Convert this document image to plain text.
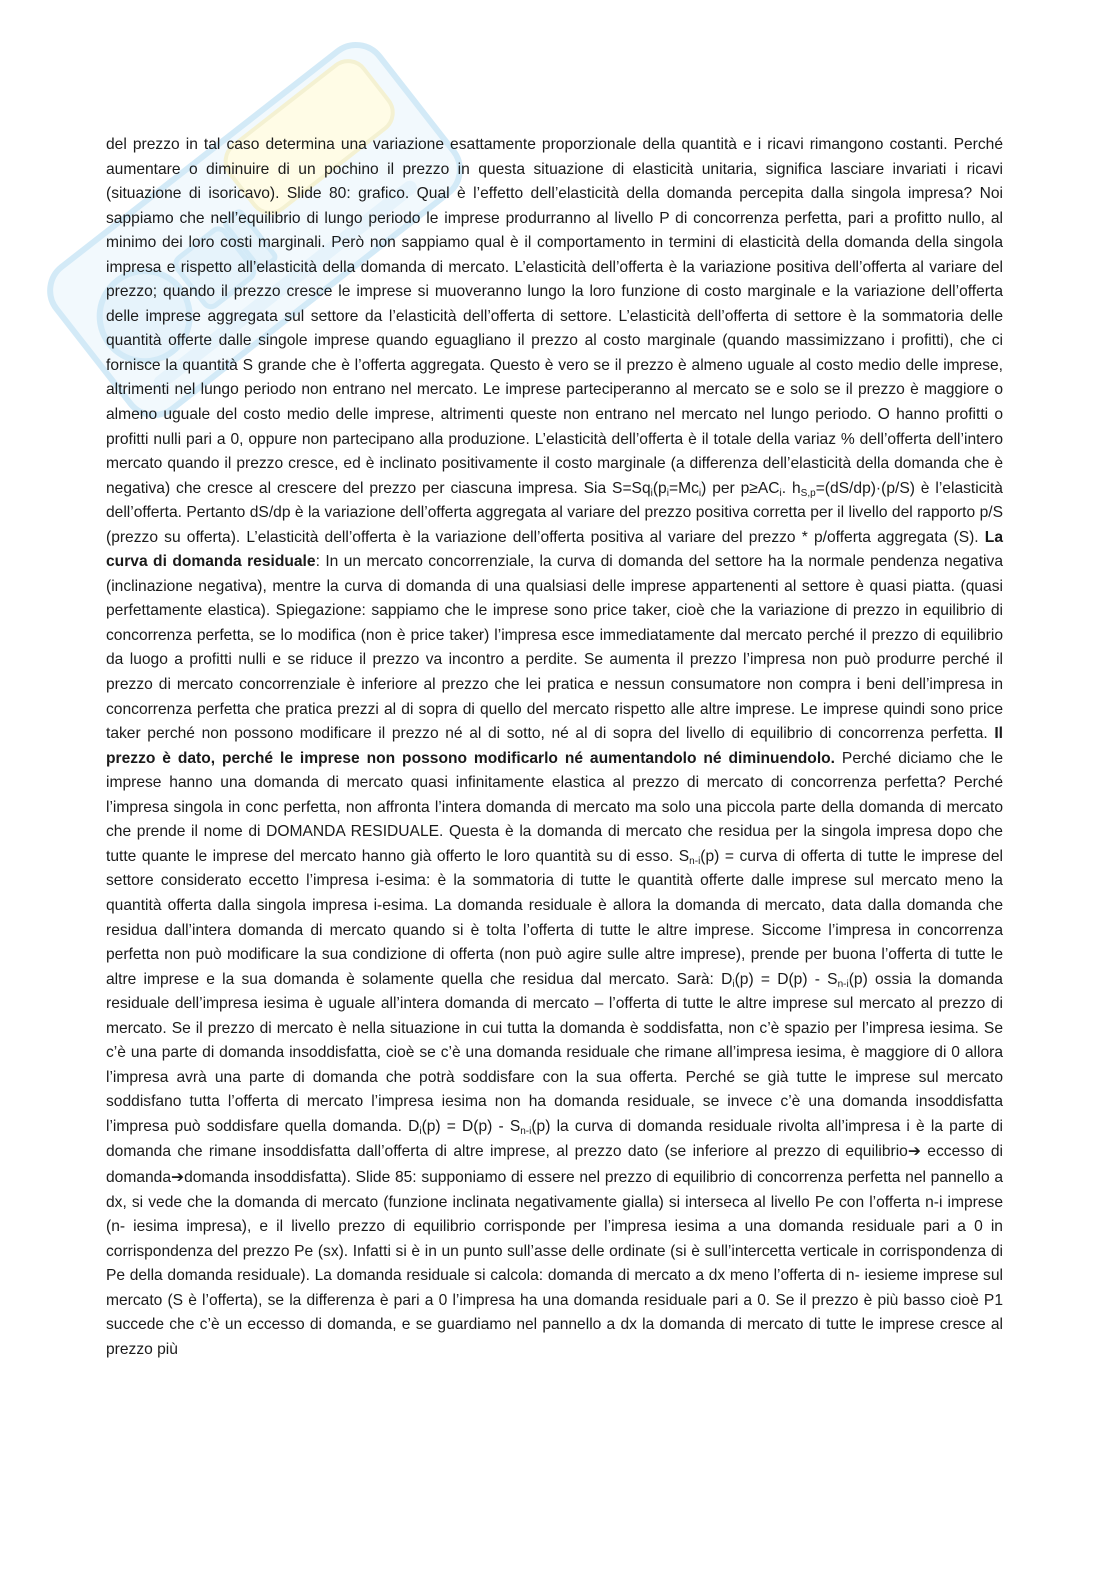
del prezzo in tal caso determina una variazione esattamente proporzionale della quantità e i ricavi rimangono costanti. Perché aumentare o diminuire di un pochino il prezzo in questa situazione di elasticità unitaria, significa lasciare invariati i ricavi (situazione di isoricavo). Slide 80: grafico. Qual è l’effetto dell’elasticità della domanda percepita dalla singola impresa? Noi sappiamo che nell’equilibrio di lungo periodo le imprese produrranno al livello P di concorrenza perfetta, pari a profitto nullo, al minimo dei loro costi marginali. Però non sappiamo qual è il comportamento in termini di elasticità della domanda della singola impresa e rispetto all’elasticità della domanda di mercato. L’elasticità dell’offerta è la variazione positiva dell’offerta al variare del prezzo; quando il prezzo cresce le imprese si muoveranno lungo la loro funzione di costo marginale e la variazione dell’offerta delle imprese aggregata sul settore da l’elasticità dell’offerta di settore. L’elasticità dell’offerta di settore è la sommatoria delle quantità offerte dalle singole imprese quando eguagliano il prezzo al costo marginale (quando massimizzano i profitti), che ci fornisce la quantità S grande che è l’offerta aggregata. Questo è vero se il prezzo è almeno uguale al costo medio delle imprese, altrimenti nel lungo periodo non entrano nel mercato. Le imprese parteciperanno al mercato se e solo se il prezzo è maggiore o almeno uguale del costo medio delle imprese, altrimenti queste non entrano nel mercato nel lungo periodo. O hanno profitti o profitti nulli pari a 0, oppure non partecipano alla produzione. L’elasticità dell’offerta è il totale della variaz % dell’offerta dell’intero mercato quando il prezzo cresce, ed è inclinato positivamente il costo marginale (a differenza dell’elasticità della domanda che è negativa) che cresce al crescere del prezzo per ciascuna impresa. Sia $S=Sq_i(p_i=Mc_i)$ per $p\ge AC_i$. $h_{S,p}=(dS/dp)\cdot(p/S)$ è l’elasticità dell’offerta. Pertanto dS/dp è la variazione dell’offerta aggregata al variare del prezzo positiva corretta per il livello del rapporto p/S (prezzo su offerta). L’elasticità dell’offerta è la variazione dell’offerta positiva al variare del prezzo * p/offerta aggregata (S). La curva di domanda residuale: In un mercato concorrenziale, la curva di domanda del settore ha la normale pendenza negativa (inclinazione negativa), mentre la curva di domanda di una qualsiasi delle imprese appartenenti al settore è quasi piatta. (quasi perfettamente elastica). Spiegazione: sappiamo che le imprese sono price taker, cioè che la variazione di prezzo in equilibrio di concorrenza perfetta, se lo modifica (non è price taker) l’impresa esce immediatamente dal mercato perché il prezzo di equilibrio da luogo a profitti nulli e se riduce il prezzo va incontro a perdite. Se aumenta il prezzo l’impresa non può produrre perché il prezzo di mercato concorrenziale è inferiore al prezzo che lei pratica e nessun consumatore non compra i beni dell’impresa in concorrenza perfetta che pratica prezzi al di sopra di quello del mercato rispetto alle altre imprese. Le imprese quindi sono price taker perché non possono modificare il prezzo né al di sotto, né al di sopra del livello di equilibrio di concorrenza perfetta. Il prezzo è dato, perché le imprese non possono modificarlo né aumentandolo né diminuendolo. Perché diciamo che le imprese hanno una domanda di mercato quasi infinitamente elastica al prezzo di mercato di concorrenza perfetta? Perché l’impresa singola in conc perfetta, non affronta l’intera domanda di mercato ma solo una piccola parte della domanda di mercato che prende il nome di DOMANDA RESIDUALE. Questa è la domanda di mercato che residua per la singola impresa dopo che tutte quante le imprese del mercato hanno già offerto le loro quantità su di esso. $S_{n-i}(p)$ = curva di offerta di tutte le imprese del settore considerato eccetto l’impresa i-esima: è la sommatoria di tutte le quantità offerte dalle imprese sul mercato meno la quantità offerta dalla singola impresa i-esima. La domanda residuale è allora la domanda di mercato, data dalla domanda che residua dall’intera domanda di mercato quando si è tolta l’offerta di tutte le altre imprese. Siccome l’impresa in concorrenza perfetta non può modificare la sua condizione di offerta (non può agire sulle altre imprese), prende per buona l’offerta di tutte le altre imprese e la sua domanda è solamente quella che residua dal mercato. Sarà: $D_i(p) = D(p) - S_{n-i}(p)$ ossia la domanda residuale dell’impresa iesima è uguale all’intera domanda di mercato – l’offerta di tutte le altre imprese sul mercato al prezzo di mercato. Se il prezzo di mercato è nella situazione in cui tutta la domanda è soddisfatta, non c’è spazio per l’impresa iesima. Se c’è una parte di domanda insoddisfatta, cioè se c’è una domanda residuale che rimane all’impresa iesima, è maggiore di 0 allora l’impresa avrà una parte di domanda che potrà soddisfare con la sua offerta. Perché se già tutte le imprese sul mercato soddisfano tutta l’offerta di mercato l’impresa iesima non ha domanda residuale, se invece c’è una domanda insoddisfatta l’impresa può soddisfare quella domanda. $D_i(p) = D(p) - S_{n-i}(p)$ la curva di domanda residuale rivolta all’impresa i è la parte di domanda che rimane insoddisfatta dall’offerta di altre imprese, al prezzo dato (se inferiore al prezzo di equilibrio➔ eccesso di domanda➔domanda insoddisfatta). Slide 85: supponiamo di essere nel prezzo di equilibrio di concorrenza perfetta nel pannello a dx, si vede che la domanda di mercato (funzione inclinata negativamente gialla) si interseca al livello Pe con l’offerta n-i imprese (n- iesima impresa), e il livello prezzo di equilibrio corrisponde per l’impresa iesima a una domanda residuale pari a 0 in corrispondenza del prezzo Pe (sx). Infatti si è in un punto sull’asse delle ordinate (si è sull’intercetta verticale in corrispondenza di Pe della domanda residuale). La domanda residuale si calcola: domanda di mercato a dx meno l’offerta di n- iesieme imprese sul mercato (S è l’offerta), se la differenza è pari a 0 l’impresa ha una domanda residuale pari a 0. Se il prezzo è più basso cioè P1 succede che c’è un eccesso di domanda, e se guardiamo nel pannello a dx la domanda di mercato di tutte le imprese cresce al prezzo più
